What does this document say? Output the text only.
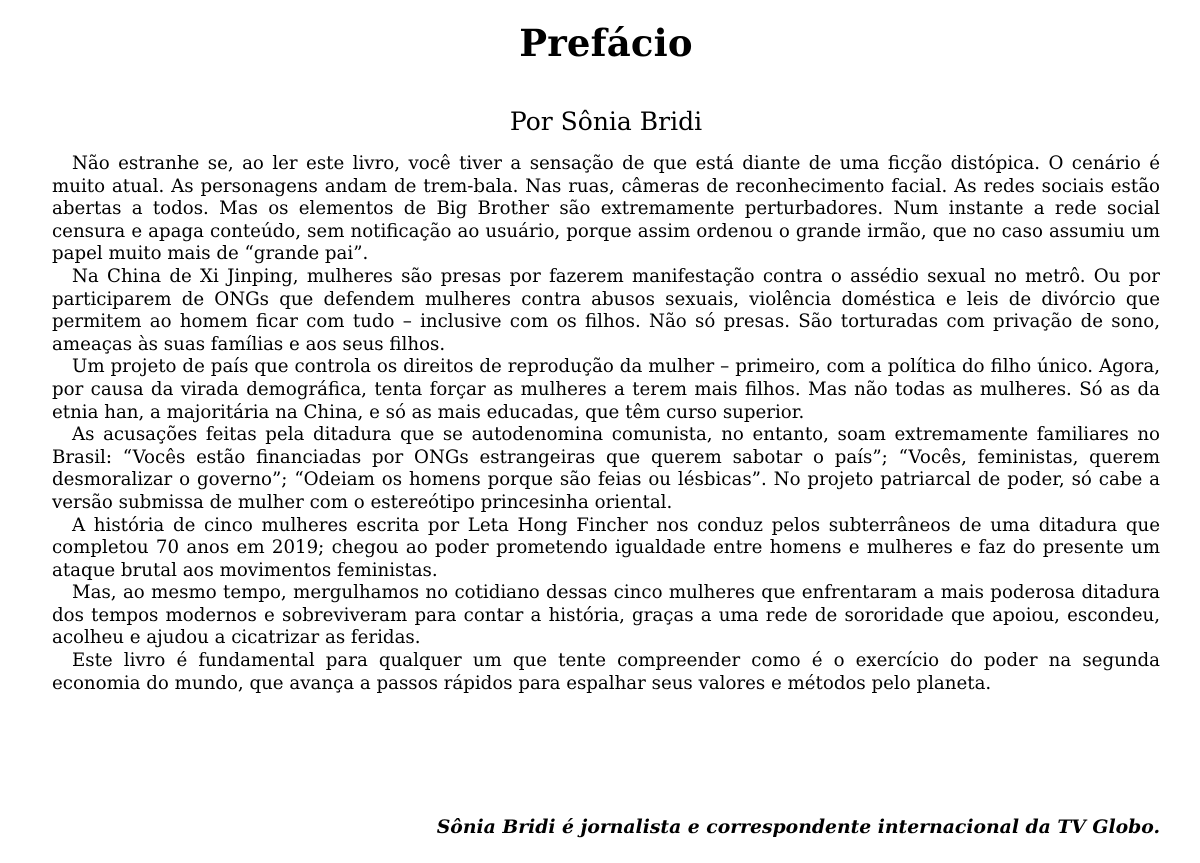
Prefácio
Por Sônia Bridi

Não estranhe se, ao ler este livro, você tiver a sensação de que está diante de uma ficção distópica. O cenário é muito atual. As personagens andam de trem-bala. Nas ruas, câmeras de reconhecimento facial. As redes sociais estão abertas a todos. Mas os elementos de Big Brother são extremamente perturbadores. Num instante a rede social censura e apaga conteúdo, sem notificação ao usuário, porque assim ordenou o grande irmão, que no caso assumiu um papel muito mais de “grande pai”.

Na China de Xi Jinping, mulheres são presas por fazerem manifestação contra o assédio sexual no metrô. Ou por participarem de ONGs que defendem mulheres contra abusos sexuais, violência doméstica e leis de divórcio que permitem ao homem ficar com tudo – inclusive com os filhos. Não só presas. São torturadas com privação de sono, ameaças às suas famílias e aos seus filhos.

Um projeto de país que controla os direitos de reprodução da mulher – primeiro, com a política do filho único. Agora, por causa da virada demográfica, tenta forçar as mulheres a terem mais filhos. Mas não todas as mulheres. Só as da etnia han, a majoritária na China, e só as mais educadas, que têm curso superior.

As acusações feitas pela ditadura que se autodenomina comunista, no entanto, soam extremamente familiares no Brasil: “Vocês estão financiadas por ONGs estrangeiras que querem sabotar o país”; “Vocês, feministas, querem desmoralizar o governo”; “Odeiam os homens porque são feias ou lésbicas”. No projeto patriarcal de poder, só cabe a versão submissa de mulher com o estereótipo princesinha oriental.

A história de cinco mulheres escrita por Leta Hong Fincher nos conduz pelos subterrâneos de uma ditadura que completou 70 anos em 2019; chegou ao poder prometendo igualdade entre homens e mulheres e faz do presente um ataque brutal aos movimentos feministas.

Mas, ao mesmo tempo, mergulhamos no cotidiano dessas cinco mulheres que enfrentaram a mais poderosa ditadura dos tempos modernos e sobreviveram para contar a história, graças a uma rede de sororidade que apoiou, escondeu, acolheu e ajudou a cicatrizar as feridas.

Este livro é fundamental para qualquer um que tente compreender como é o exercício do poder na segunda economia do mundo, que avança a passos rápidos para espalhar seus valores e métodos pelo planeta.

Sônia Bridi é jornalista e correspondente internacional da TV Globo.
